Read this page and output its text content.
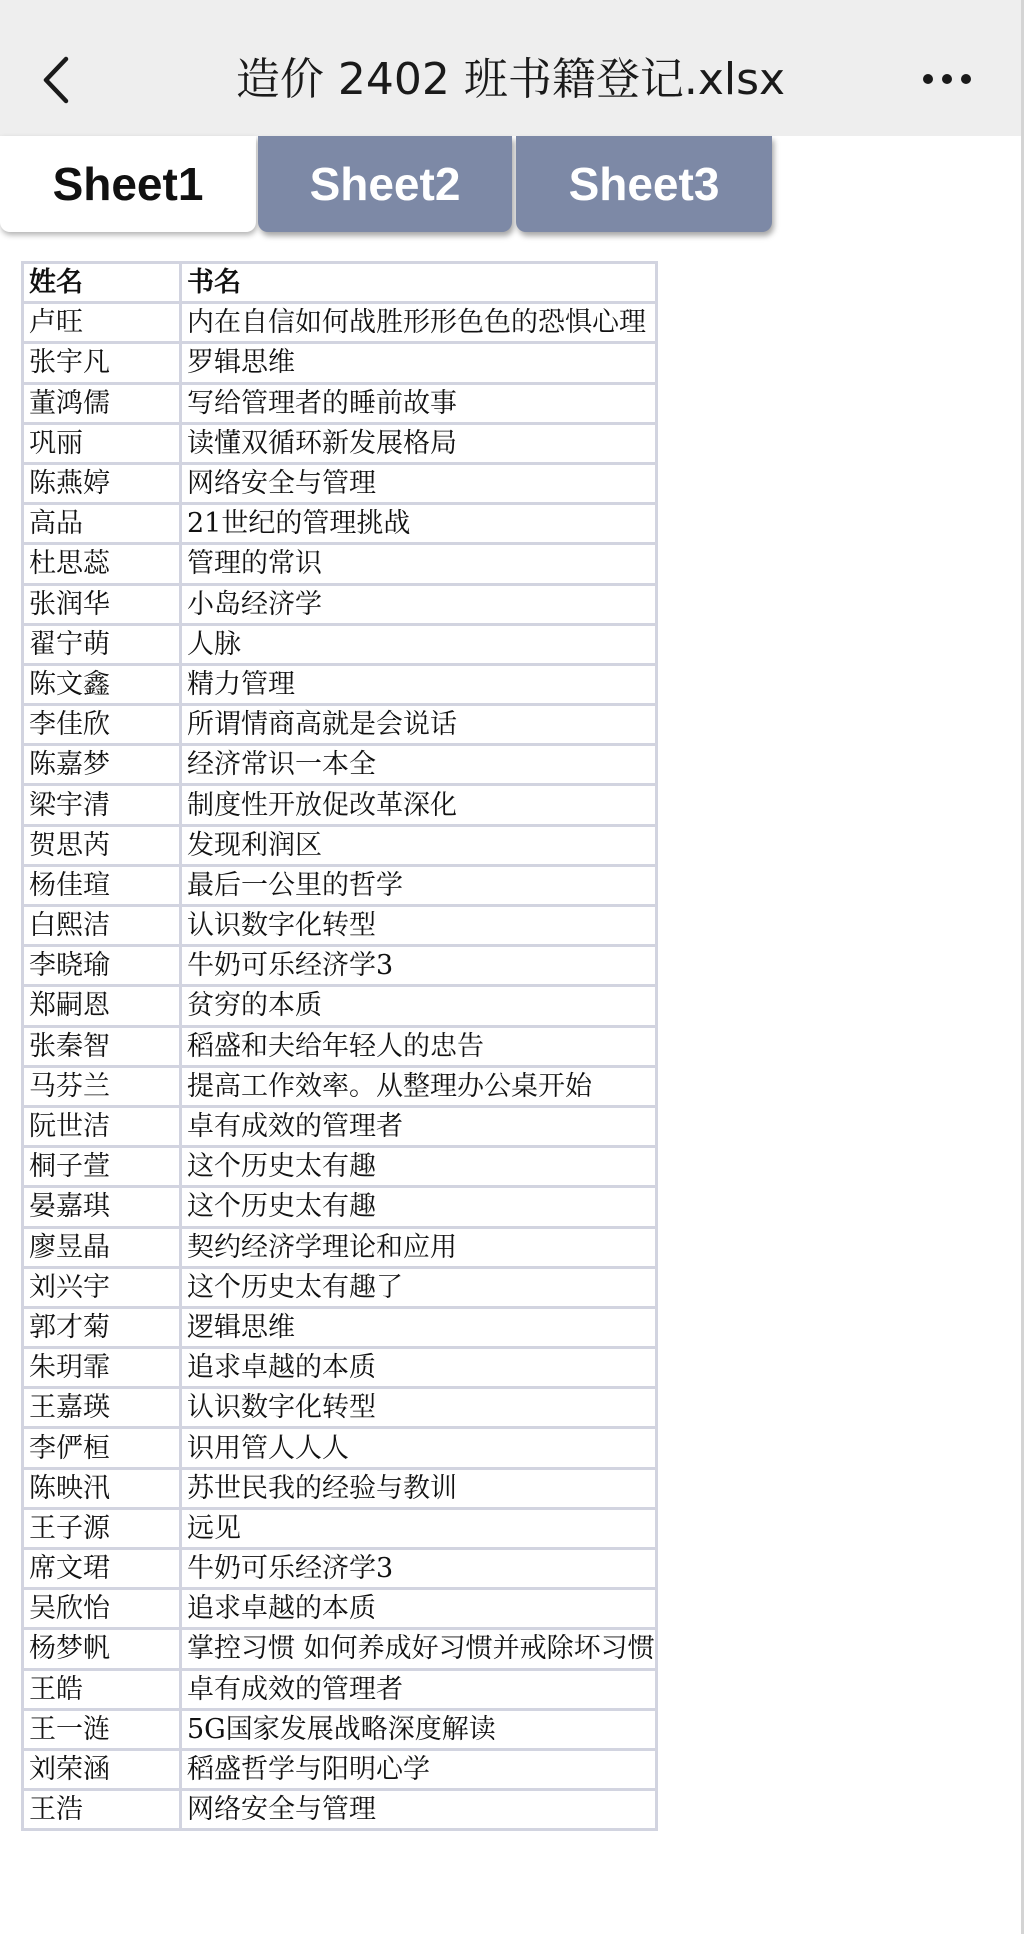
造价 2402 班书籍登记.xlsx
Sheet1	Sheet2	Sheet3
姓名	书名
卢旺	内在自信如何战胜形形色色的恐惧心理
张宇凡	罗辑思维
董鸿儒	写给管理者的睡前故事
巩丽	读懂双循环新发展格局
陈燕婷	网络安全与管理
高品	21世纪的管理挑战
杜思蕊	管理的常识
张润华	小岛经济学
翟宁萌	人脉
陈文鑫	精力管理
李佳欣	所谓情商高就是会说话
陈嘉梦	经济常识一本全
梁宇清	制度性开放促改革深化
贺思芮	发现利润区
杨佳瑄	最后一公里的哲学
白熙洁	认识数字化转型
李晓瑜	牛奶可乐经济学3
郑嗣恩	贫穷的本质
张秦智	稻盛和夫给年轻人的忠告
马芬兰	提高工作效率。从整理办公桌开始
阮世洁	卓有成效的管理者
桐子萱	这个历史太有趣
晏嘉琪	这个历史太有趣
廖昱晶	契约经济学理论和应用
刘兴宇	这个历史太有趣了
郭才菊	逻辑思维
朱玥霏	追求卓越的本质
王嘉瑛	认识数字化转型
李俨桓	识用管人人人
陈映汛	苏世民我的经验与教训
王子源	远见
席文珺	牛奶可乐经济学3
吴欣怡	追求卓越的本质
杨梦帆	掌控习惯 如何养成好习惯并戒除坏习惯
王皓	卓有成效的管理者
王一涟	5G国家发展战略深度解读
刘荣涵	稻盛哲学与阳明心学
王浩	网络安全与管理
